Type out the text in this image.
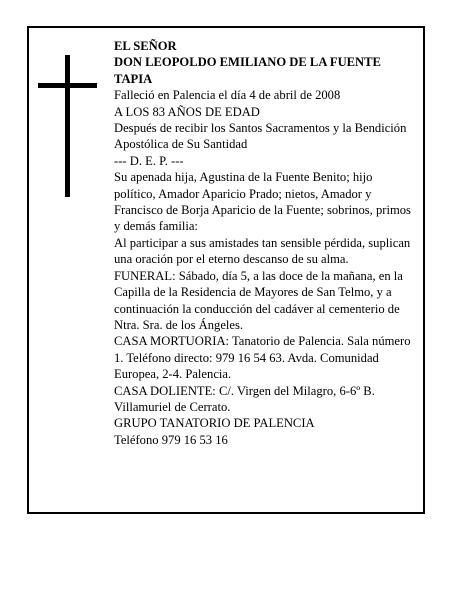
EL SEÑOR

DON LEOPOLDO EMILIANO DE LA FUENTE TAPIA

Falleció en Palencia el día 4 de abril de 2008

A LOS 83 AÑOS DE EDAD

Después de recibir los Santos Sacramentos y la Bendición Apostólica de Su Santidad

--- D. E. P. ---

Su apenada hija, Agustina de la Fuente Benito; hijo político, Amador Aparicio Prado; nietos, Amador y Francisco de Borja Aparicio de la Fuente; sobrinos, primos y demás familia:

Al participar a sus amistades tan sensible pérdida, suplican una oración por el eterno descanso de su alma.

FUNERAL: Sábado, día 5, a las doce de la mañana, en la Capilla de la Residencia de Mayores de San Telmo, y a continuación la conducción del cadáver al cementerio de Ntra. Sra. de los Ángeles.

CASA MORTUORIA: Tanatorio de Palencia. Sala número 1. Teléfono directo: 979 16 54 63. Avda. Comunidad Europea, 2-4. Palencia.

CASA DOLIENTE: C/. Virgen del Milagro, 6-6º B. Villamuriel de Cerrato.

GRUPO TANATORIO DE PALENCIA

Teléfono 979 16 53 16
